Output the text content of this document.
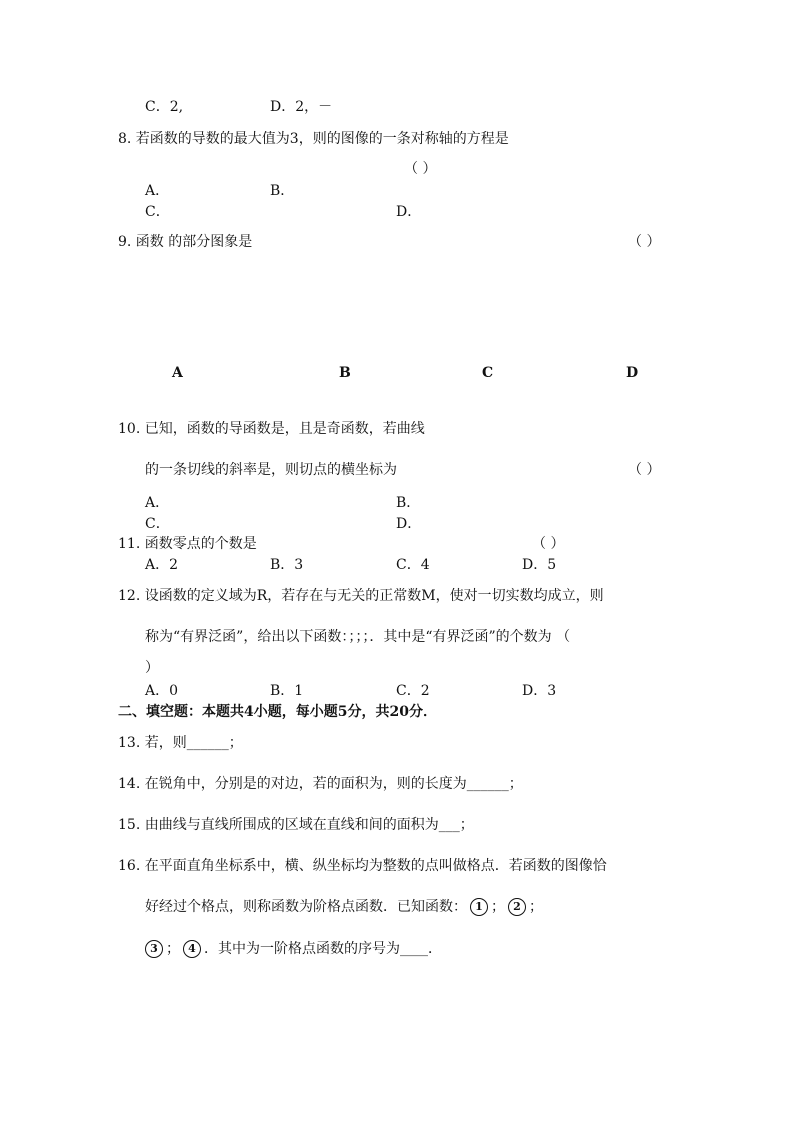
C．2,	D．2，－
8. 若函数的导数的最大值为3，则的图像的一条对称轴的方程是
（ ）
A．	B．
C．	D．
9. 函数 的部分图象是	（ ）
A	B	C	D
10. 已知，函数的导函数是，且是奇函数，若曲线
的一条切线的斜率是，则切点的横坐标为	（ ）
A．	B．
C．	D．
11. 函数零点的个数是	（ ）
A．2	B．3	C．4	D．5
12. 设函数的定义域为R，若存在与无关的正常数M，使对一切实数均成立，则
称为“有界泛函”，给出以下函数：；；；．其中是“有界泛函”的个数为 （
）
A．0	B．1	C．2	D．3
二、填空题：本题共4小题，每小题5分，共20分．
13. 若，则______；
14. 在锐角中，分别是的对边，若的面积为，则的长度为______；
15. 由曲线与直线所围成的区域在直线和间的面积为___；
16. 在平面直角坐标系中，横、纵坐标均为整数的点叫做格点．若函数的图像恰
好经过个格点，则称函数为阶格点函数．已知函数： 1 ； 2 ；
3 ； 4 ．其中为一阶格点函数的序号为____．
